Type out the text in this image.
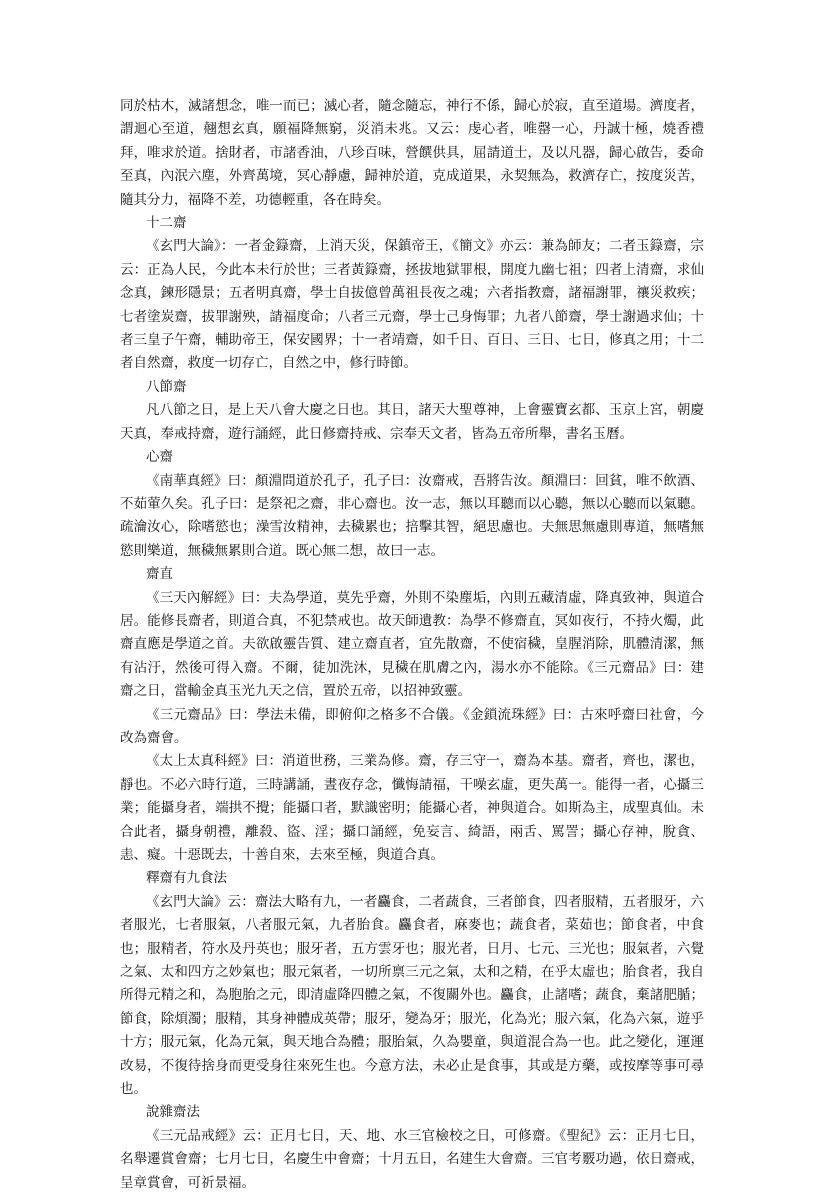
同於枯木，滅諸想念，唯一而已；滅心者，隨念隨忘，神行不係，歸心於寂，直至道場。濟度者，謂迴心至道，翹想玄真，願福降無窮，災消未兆。又云：虔心者，唯罄一心，丹誠十極，燒香禮拜，唯求於道。捨財者，市諸香油，八珍百味，營饌供具，屈請道士，及以凡器，歸心啟告，委命至真，內泯六塵，外齊萬境，冥心靜慮，歸神於道，克成道果，永契無為，救濟存亡，按度災苦，隨其分力，福降不差，功德輕重，各在時矣。

十二齋

《玄門大論》：一者金籙齋，上消天災，保鎮帝王，《簡文》亦云：兼為師友；二者玉籙齋，宗云：正為人民，今此本未行於世；三者黃籙齋，拯拔地獄罪根，開度九幽七祖；四者上清齋，求仙念真，鍊形隱景；五者明真齋，學士自拔億曾萬祖長夜之魂；六者指教齋，諸福謝罪，禳災救疾；七者塗炭齋，拔罪謝殃，請福度命；八者三元齋，學士己身悔罪；九者八節齋，學士謝過求仙；十者三皇子午齋，輔助帝王，保安國界；十一者靖齋，如千日、百日、三日、七日，修真之用；十二者自然齋，救度一切存亡，自然之中，修行時節。

八節齋

凡八節之日，是上天八會大慶之日也。其日，諸天大聖尊神，上會靈寶玄都、玉京上宮，朝慶天真，奉戒持齋，遊行誦經，此日修齋持戒、宗奉天文者，皆為五帝所舉，書名玉曆。

心齋

《南華真經》曰：顏淵問道於孔子，孔子曰：汝齋戒，吾將告汝。顏淵曰：回貧，唯不飲酒、不茹葷久矣。孔子曰：是祭祀之齋，非心齋也。汝一志，無以耳聽而以心聽，無以心聽而以氣聽。疏瀹汝心，除嗜慾也；澡雪汝精神，去穢累也；掊擊其智，絕思慮也。夫無思無慮則專道，無嗜無慾則樂道，無穢無累則合道。既心無二想，故曰一志。

齋直

《三天內解經》曰：夫為學道，莫先乎齋，外則不染塵垢，內則五藏清虛，降真致神，與道合居。能修長齋者，則道合真，不犯禁戒也。故天師遺教：為學不修齋直，冥如夜行，不持火燭，此齋直應是學道之首。夫欲啟靈告質、建立齋直者，宜先散齋，不使宿穢，皇腥消除，肌體清潔，無有沾汙，然後可得入齋。不爾，徒加洗沐，見穢在肌膚之內，湯水亦不能除。《三元齋品》曰：建齋之日，當輸金真玉光九天之信，置於五帝，以招神致靈。

《三元齋品》曰：學法未備，即俯仰之格多不合儀。《金鎖流珠經》曰：古來呼齋曰社會，今改為齋會。

《太上太真科經》曰：消道世務，三業為修。齋，存三守一，齋為本基。齋者，齊也，潔也，靜也。不必六時行道，三時講誦，晝夜存念，懺悔請福，干噪玄虛，更失萬一。能得一者，心攝三業；能攝身者，端拱不攪；能攝口者，默識密明；能攝心者，神與道合。如斯為主，成聖真仙。未合此者，攝身朝禮，離殺、盜、淫；攝口誦經，免妄言、綺語，兩舌、罵詈；攝心存神，脫貪、恚、癡。十惡既去，十善自來，去來至極，與道合真。

釋齋有九食法

《玄門大論》云：齋法大略有九，一者麤食，二者蔬食，三者節食，四者服精，五者服牙，六者服光，七者服氣，八者服元氣，九者胎食。麤食者，麻麥也；蔬食者，菜茹也；節食者，中食也；服精者，符水及丹英也；服牙者，五方雲牙也；服光者，日月、七元、三光也；服氣者，六覺之氣、太和四方之妙氣也；服元氣者，一切所禀三元之氣，太和之精，在乎太虛也；胎食者，我自所得元精之和，為胞胎之元，即清虛降四體之氣，不復關外也。麤食，止諸嗜；蔬食，棄諸肥腯；節食，除煩濁；服精，其身神體成英帶；服牙，變為牙；服光，化為光；服六氣，化為六氣，遊乎十方；服元氣，化為元氣，與天地合為體；服胎氣，久為嬰童，與道混合為一也。此之變化，運運改易，不復待捨身而更受身往來死生也。今意方法，未必止是食事，其或是方藥，或按摩等事可尋也。

說雜齋法

《三元品戒經》云：正月七日，天、地、水三官檢校之日，可修齋。《聖紀》云：正月七日，名舉遷賞會齋；七月七日，名慶生中會齋；十月五日，名建生大會齋。三官考覈功過，依日齋戒，呈章賞會，可祈景福。
